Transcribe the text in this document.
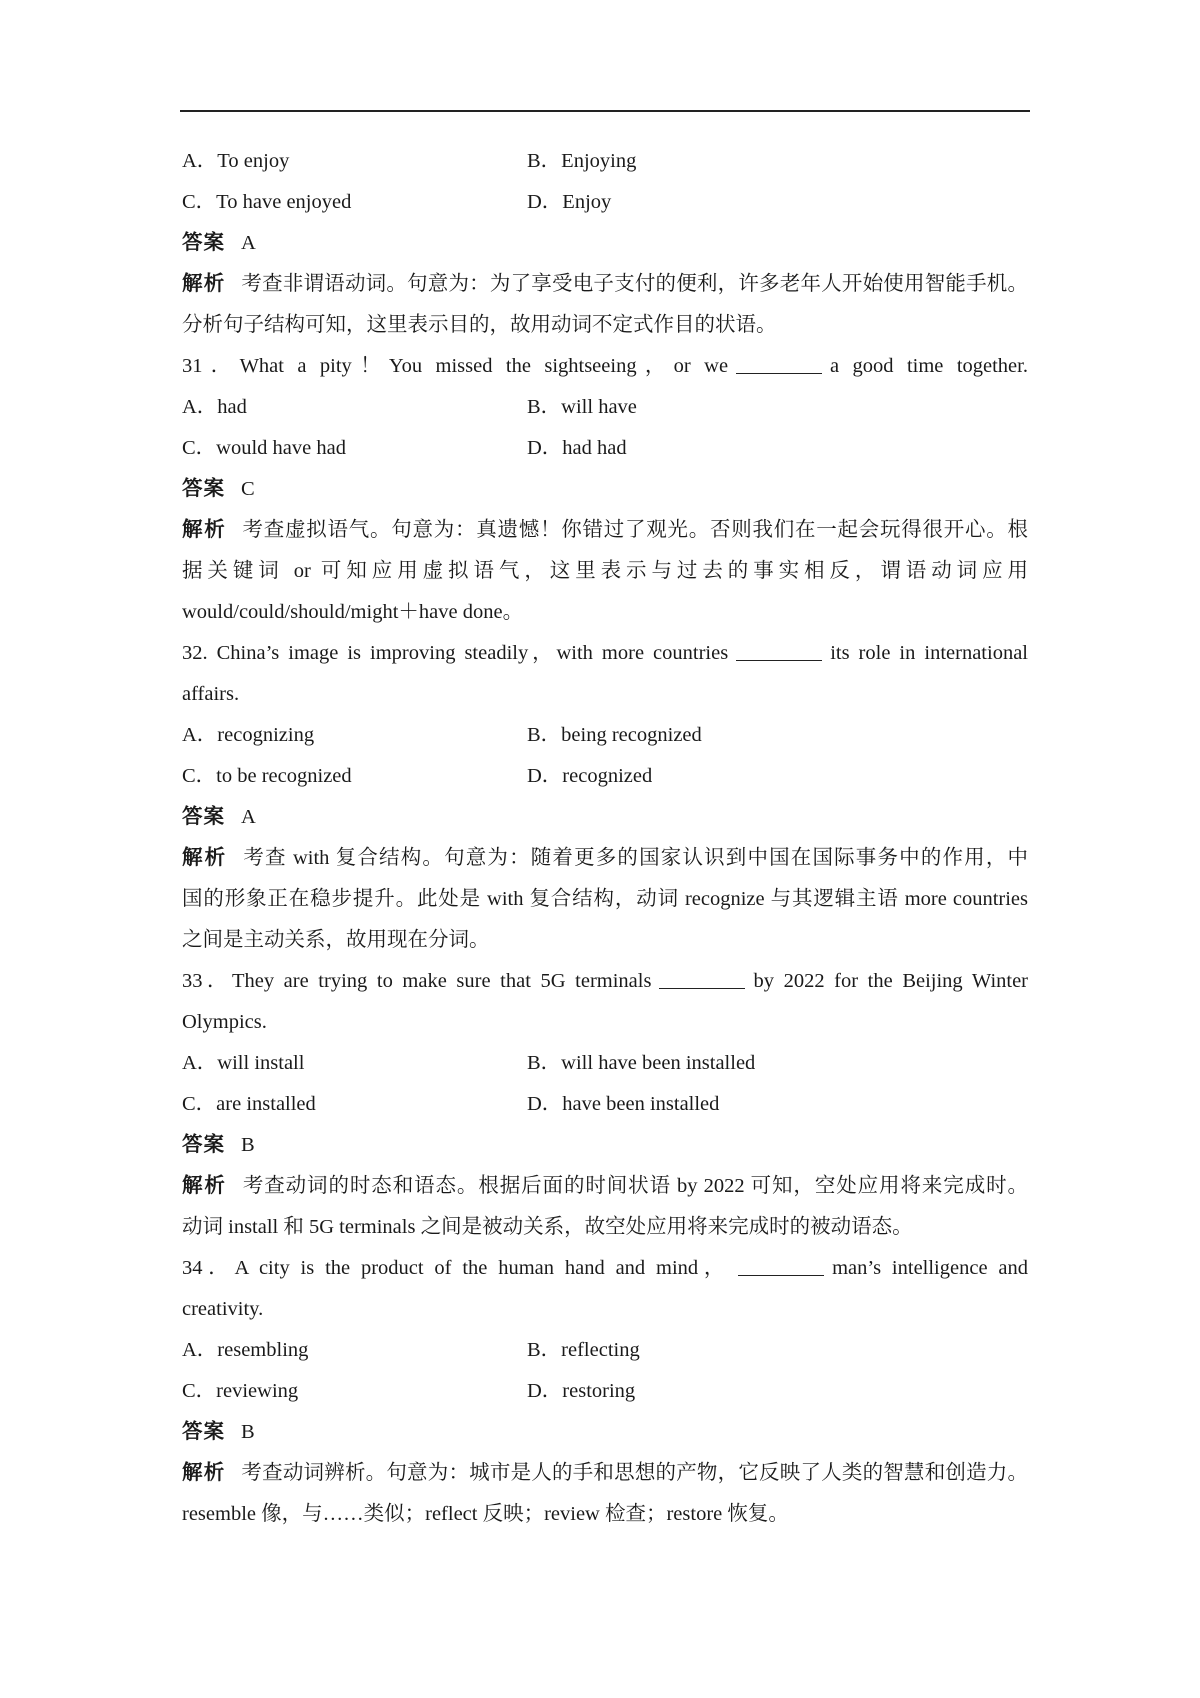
A．To enjoy	B．Enjoying
C．To have enjoyed	D．Enjoy
答案 A
解析 考查非谓语动词。句意为：为了享受电子支付的便利，许多老年人开始使用智能手机。
分析句子结构可知，这里表示目的，故用动词不定式作目的状语。
31．What a pity！You missed the sightseeing，or we	a good time together.
A．had	B．will have
C．would have had	D．had had
答案 C
解析 考查虚拟语气。句意为：真遗憾！你错过了观光。否则我们在一起会玩得很开心。根
据关键词 or 可知应用虚拟语气，这里表示与过去的事实相反，谓语动词应用
would/could/should/might＋have done。
32. China’s image is improving steadily，with more countries	its role in international
affairs.
A．recognizing	B．being recognized
C．to be recognized	D．recognized
答案 A
解析 考查 with 复合结构。句意为：随着更多的国家认识到中国在国际事务中的作用，中
国的形象正在稳步提升。此处是 with 复合结构，动词 recognize 与其逻辑主语 more countries
之间是主动关系，故用现在分词。
33．They are trying to make sure that 5G terminals	by 2022 for the Beijing Winter
Olympics.
A．will install	B．will have been installed
C．are installed	D．have been installed
答案 B
解析 考查动词的时态和语态。根据后面的时间状语 by 2022 可知，空处应用将来完成时。
动词 install 和 5G terminals 之间是被动关系，故空处应用将来完成时的被动语态。
34．A city is the product of the human hand and mind，	man’s intelligence and
creativity.
A．resembling	B．reflecting
C．reviewing	D．restoring
答案 B
解析 考查动词辨析。句意为：城市是人的手和思想的产物，它反映了人类的智慧和创造力。
resemble 像，与……类似；reflect 反映；review 检查；restore 恢复。
